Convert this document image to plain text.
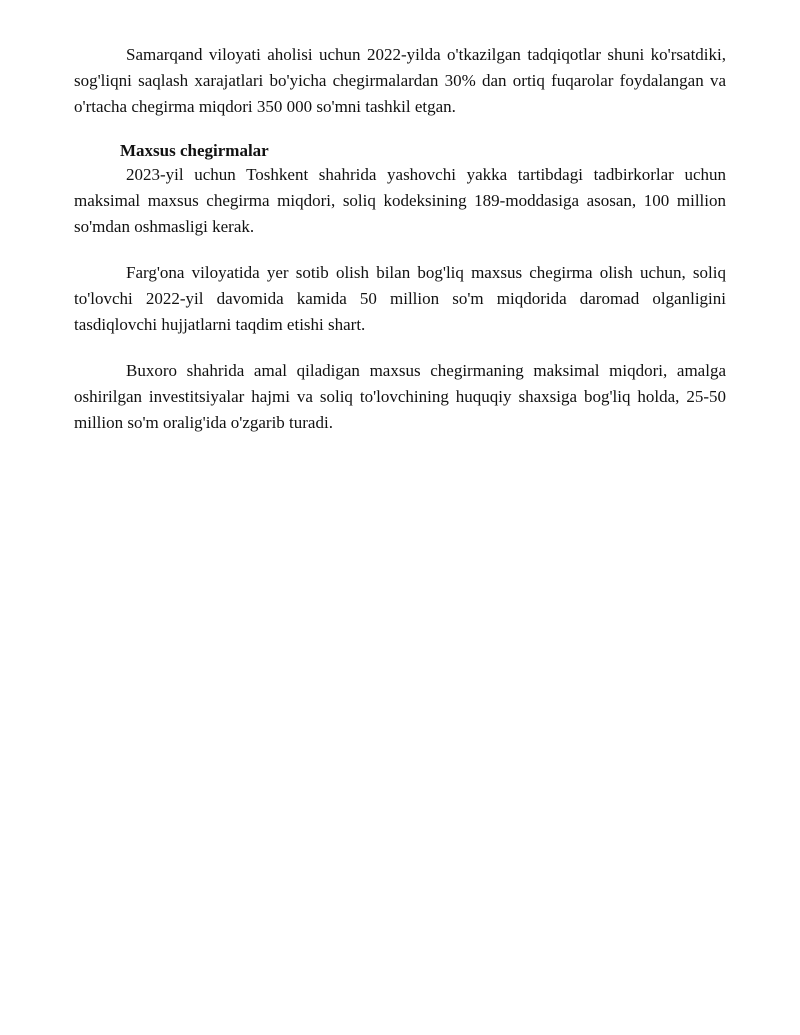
Samarqand viloyati aholisi uchun 2022-yilda o'tkazilgan tadqiqotlar shuni ko'rsatdiki, sog'liqni saqlash xarajatlari bo'yicha chegirmalardan 30% dan ortiq fuqarolar foydalangan va o'rtacha chegirma miqdori 350 000 so'mni tashkil etgan.

Maxsus chegirmalar

2023-yil uchun Toshkent shahrida yashovchi yakka tartibdagi tadbirkorlar uchun maksimal maxsus chegirma miqdori, soliq kodeksining 189-moddasiga asosan, 100 million so'mdan oshmasligi kerak.

Farg'ona viloyatida yer sotib olish bilan bog'liq maxsus chegirma olish uchun, soliq to'lovchi 2022-yil davomida kamida 50 million so'm miqdorida daromad olganligini tasdiqlovchi hujjatlarni taqdim etishi shart.

Buxoro shahrida amal qiladigan maxsus chegirmaning maksimal miqdori, amalga oshirilgan investitsiyalar hajmi va soliq to'lovchining huquqiy shaxsiga bog'liq holda, 25-50 million so'm oralig'ida o'zgarib turadi.
